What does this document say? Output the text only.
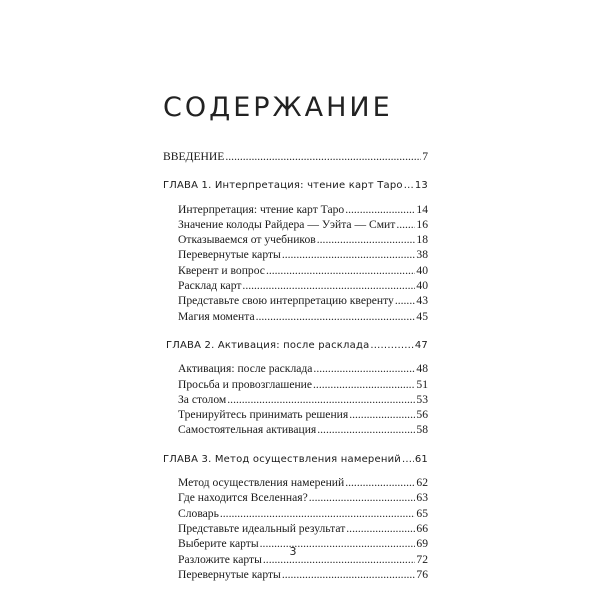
СОДЕРЖАНИЕ
ВВЕДЕНИЕ .....	7
ГЛАВА 1. Интерпретация: чтение карт Таро ..... 13
Интерпретация: чтение карт Таро .....	14
Значение колоды Райдера — Уэйта — Смит ..... 16
Отказываемся от учебников .....	18
Перевернутые карты .....	38
Кверент и вопрос .....	40
Расклад карт .....	40
Представьте свою интерпретацию кверенту ..... 43
Магия момента .....	45
ГЛАВА 2. Активация: после расклада .....	47
Активация: после расклада .....	48
Просьба и провозглашение .....	51
За столом .....	53
Тренируйтесь принимать решения .....	56
Самостоятельная активация .....	58
ГЛАВА 3. Метод осуществления намерений ..... 61
Метод осуществления намерений .....	62
Где находится Вселенная? .....	63
Словарь .....	65
Представьте идеальный результат .....	66
Выберите карты .....	69
Разложите карты .....	72
Перевернутые карты .....	76
3
